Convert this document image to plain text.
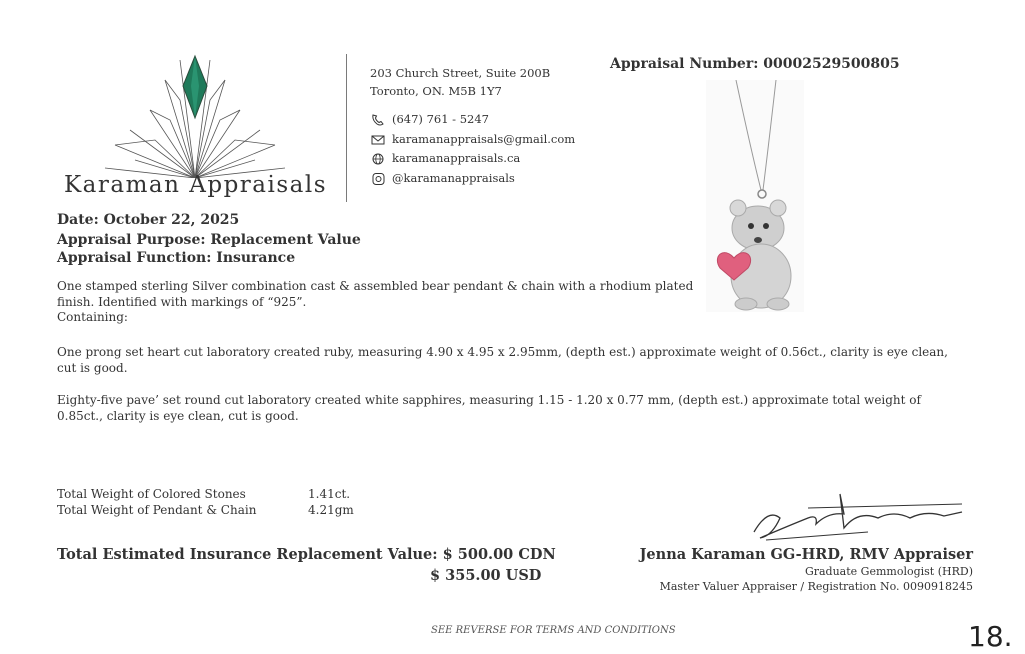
Karaman Appraisals
203 Church Street, Suite 200B
Toronto, ON. M5B 1Y7
(647) 761 - 5247
karamanappraisals@gmail.com
karamanappraisals.ca
@karamanappraisals
Appraisal Number: 00002529500805
Date: October 22, 2025
Appraisal Purpose: Replacement Value
Appraisal Function: Insurance
One stamped sterling Silver combination cast & assembled bear pendant & chain with a rhodium plated
finish. Identified with markings of “925”.
Containing:
One prong set heart cut laboratory created ruby, measuring 4.90 x 4.95 x 2.95mm, (depth est.) approximate weight of 0.56ct., clarity is eye clean, cut is good.
Eighty-five pave’ set round cut laboratory created white sapphires, measuring 1.15 - 1.20 x 0.77 mm, (depth est.) approximate total weight of 0.85ct., clarity is eye clean, cut is good.
Total Weight of Colored Stones	1.41ct.
Total Weight of Pendant & Chain	4.21gm
Total Estimated Insurance Replacement Value: $ 500.00 CDN
$ 355.00 USD
Jenna Karaman GG-HRD, RMV Appraiser
Graduate Gemmologist (HRD)
Master Valuer Appraiser / Registration No. 0090918245
SEE REVERSE FOR TERMS AND CONDITIONS	18.
